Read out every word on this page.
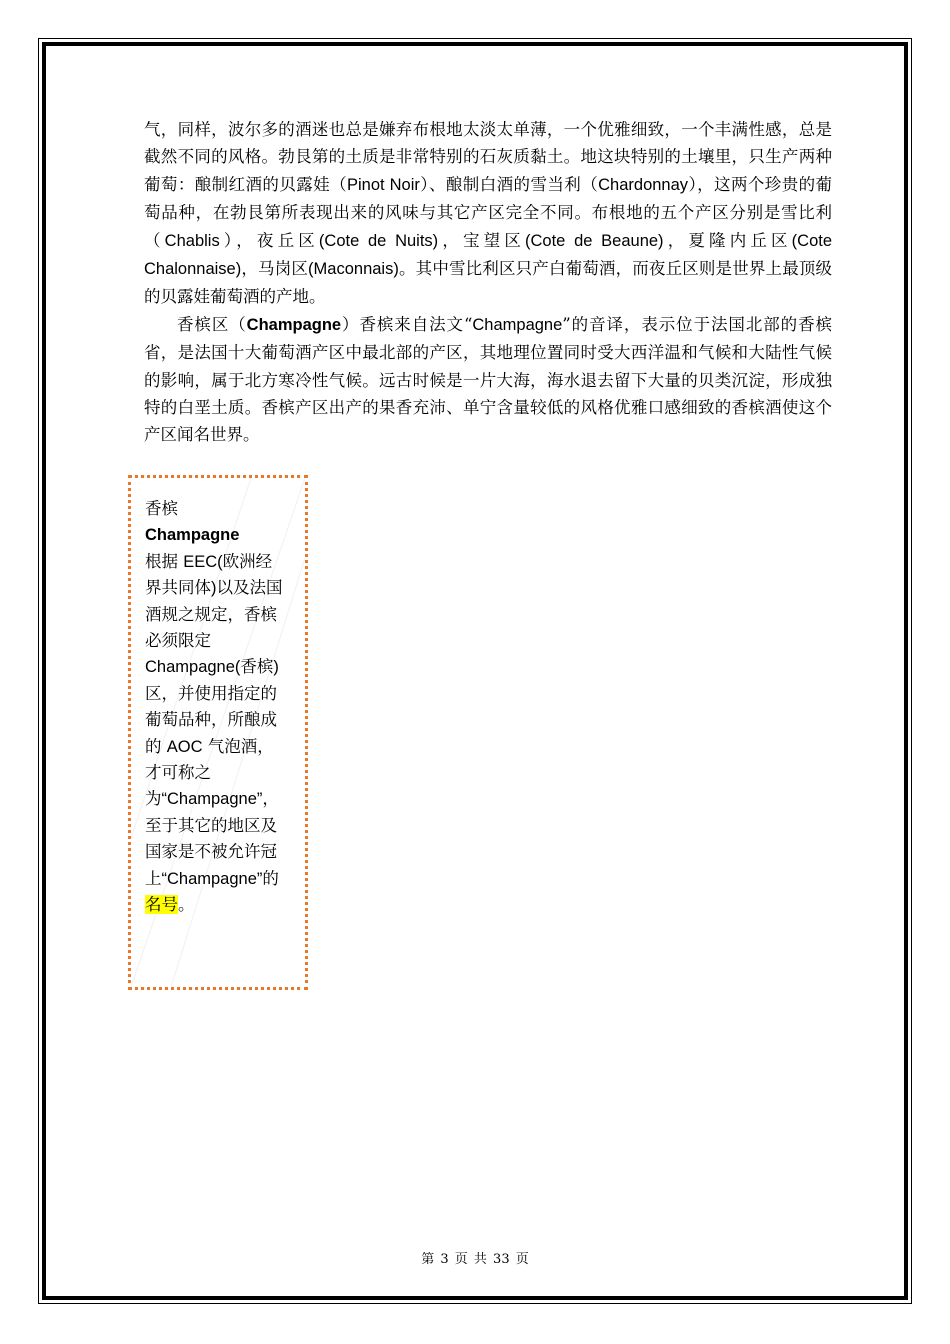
气，同样，波尔多的酒迷也总是嫌弃布根地太淡太单薄，一个优雅细致，一个丰满性感，总是截然不同的风格。勃艮第的土质是非常特别的石灰质黏土。地这块特别的土壤里，只生产两种葡萄：酿制红酒的贝露娃（Pinot Noir）、酿制白酒的雪当利（Chardonnay），这两个珍贵的葡萄品种，在勃艮第所表现出来的风味与其它产区完全不同。布根地的五个产区分别是雪比利（Chablis），夜丘区(Cote de Nuits)，宝望区(Cote de Beaune)，夏隆内丘区(Cote Chalonnaise)，马岗区(Maconnais)。其中雪比利区只产白葡萄酒，而夜丘区则是世界上最顶级的贝露娃葡萄酒的产地。

香槟区（Champagne）香槟来自法文“Champagne”的音译，表示位于法国北部的香槟省，是法国十大葡萄酒产区中最北部的产区，其地理位置同时受大西洋温和气候和大陆性气候的影响，属于北方寒冷性气候。远古时候是一片大海，海水退去留下大量的贝类沉淀，形成独特的白垩土质。香槟产区出产的果香充沛、单宁含量较低的风格优雅口感细致的香槟酒使这个产区闻名世界。

香槟

Champagne

根据 EEC(欧洲经界共同体)以及法国酒规之规定，香槟必须限定Champagne(香槟)区，并使用指定的葡萄品种，所酿成的 AOC 气泡酒，才可称之为“Champagne”，至于其它的地区及国家是不被允许冠上“Champagne”的名号。

第 3 页 共 33 页
